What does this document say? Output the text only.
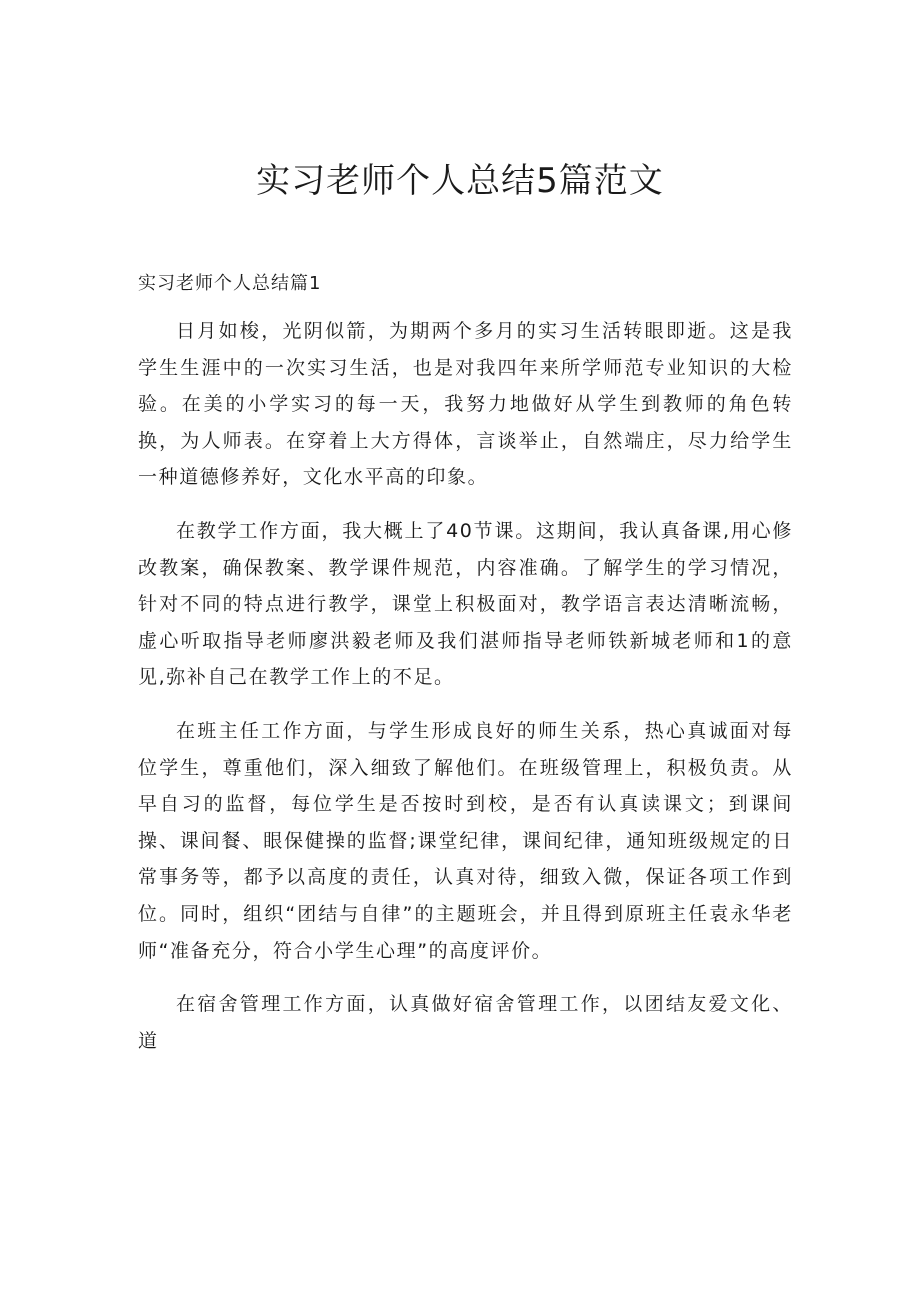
实习老师个人总结5篇范文

实习老师个人总结篇1

日月如梭，光阴似箭，为期两个多月的实习生活转眼即逝。这是我学生生涯中的一次实习生活，也是对我四年来所学师范专业知识的大检验。在美的小学实习的每一天，我努力地做好从学生到教师的角色转换，为人师表。在穿着上大方得体，言谈举止，自然端庄，尽力给学生一种道德修养好，文化水平高的印象。

在教学工作方面，我大概上了40节课。这期间，我认真备课,用心修改教案，确保教案、教学课件规范，内容准确。了解学生的学习情况，针对不同的特点进行教学，课堂上积极面对，教学语言表达清晰流畅，虚心听取指导老师廖洪毅老师及我们湛师指导老师铁新城老师和1的意见,弥补自己在教学工作上的不足。

在班主任工作方面，与学生形成良好的师生关系，热心真诚面对每位学生，尊重他们，深入细致了解他们。在班级管理上，积极负责。从早自习的监督，每位学生是否按时到校，是否有认真读课文；到课间操、课间餐、眼保健操的监督;课堂纪律，课间纪律，通知班级规定的日常事务等，都予以高度的责任，认真对待，细致入微，保证各项工作到位。同时，组织“团结与自律”的主题班会，并且得到原班主任袁永华老师“准备充分，符合小学生心理”的高度评价。

在宿舍管理工作方面，认真做好宿舍管理工作，以团结友爱文化、道
